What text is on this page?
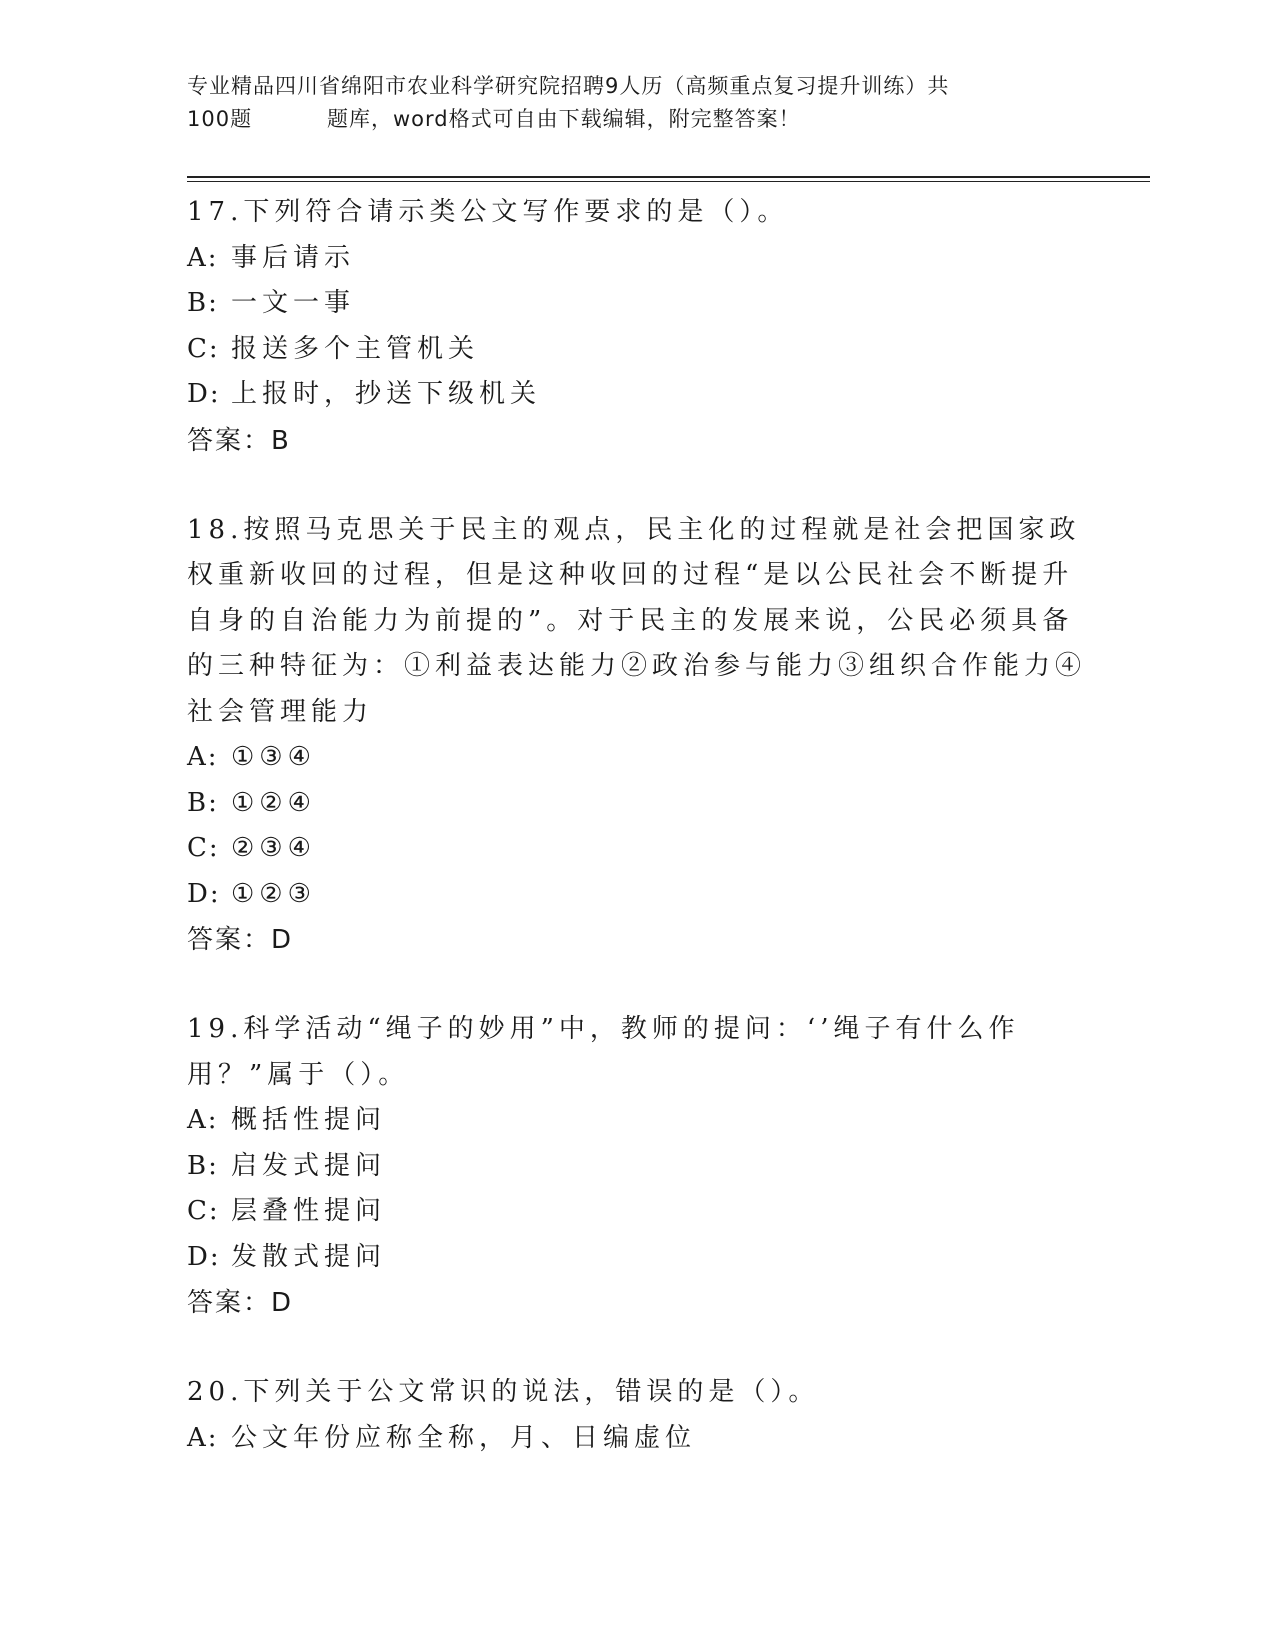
专业精品四川省绵阳市农业科学研究院招聘9人历（高频重点复习提升训练）共
100题	题库，word格式可自由下载编辑，附完整答案！
17.下列符合请示类公文写作要求的是（）。
A: 事后请示
B: 一文一事
C: 报送多个主管机关
D: 上报时，抄送下级机关
答案：B
18.按照马克思关于民主的观点，民主化的过程就是社会把国家政权重新收回的过程，但是这种收回的过程“是以公民社会不断提升自身的自治能力为前提的”。对于民主的发展来说，公民必须具备的三种特征为：①利益表达能力②政治参与能力③组织合作能力④社会管理能力
A: ①③④
B: ①②④
C: ②③④
D: ①②③
答案：D
19.科学活动“绳子的妙用”中，教师的提问：‘’绳子有什么作用？”属于（）。
A: 概括性提问
B: 启发式提问
C: 层叠性提问
D: 发散式提问
答案：D
20.下列关于公文常识的说法，错误的是（）。
A: 公文年份应称全称，月、日编虚位
